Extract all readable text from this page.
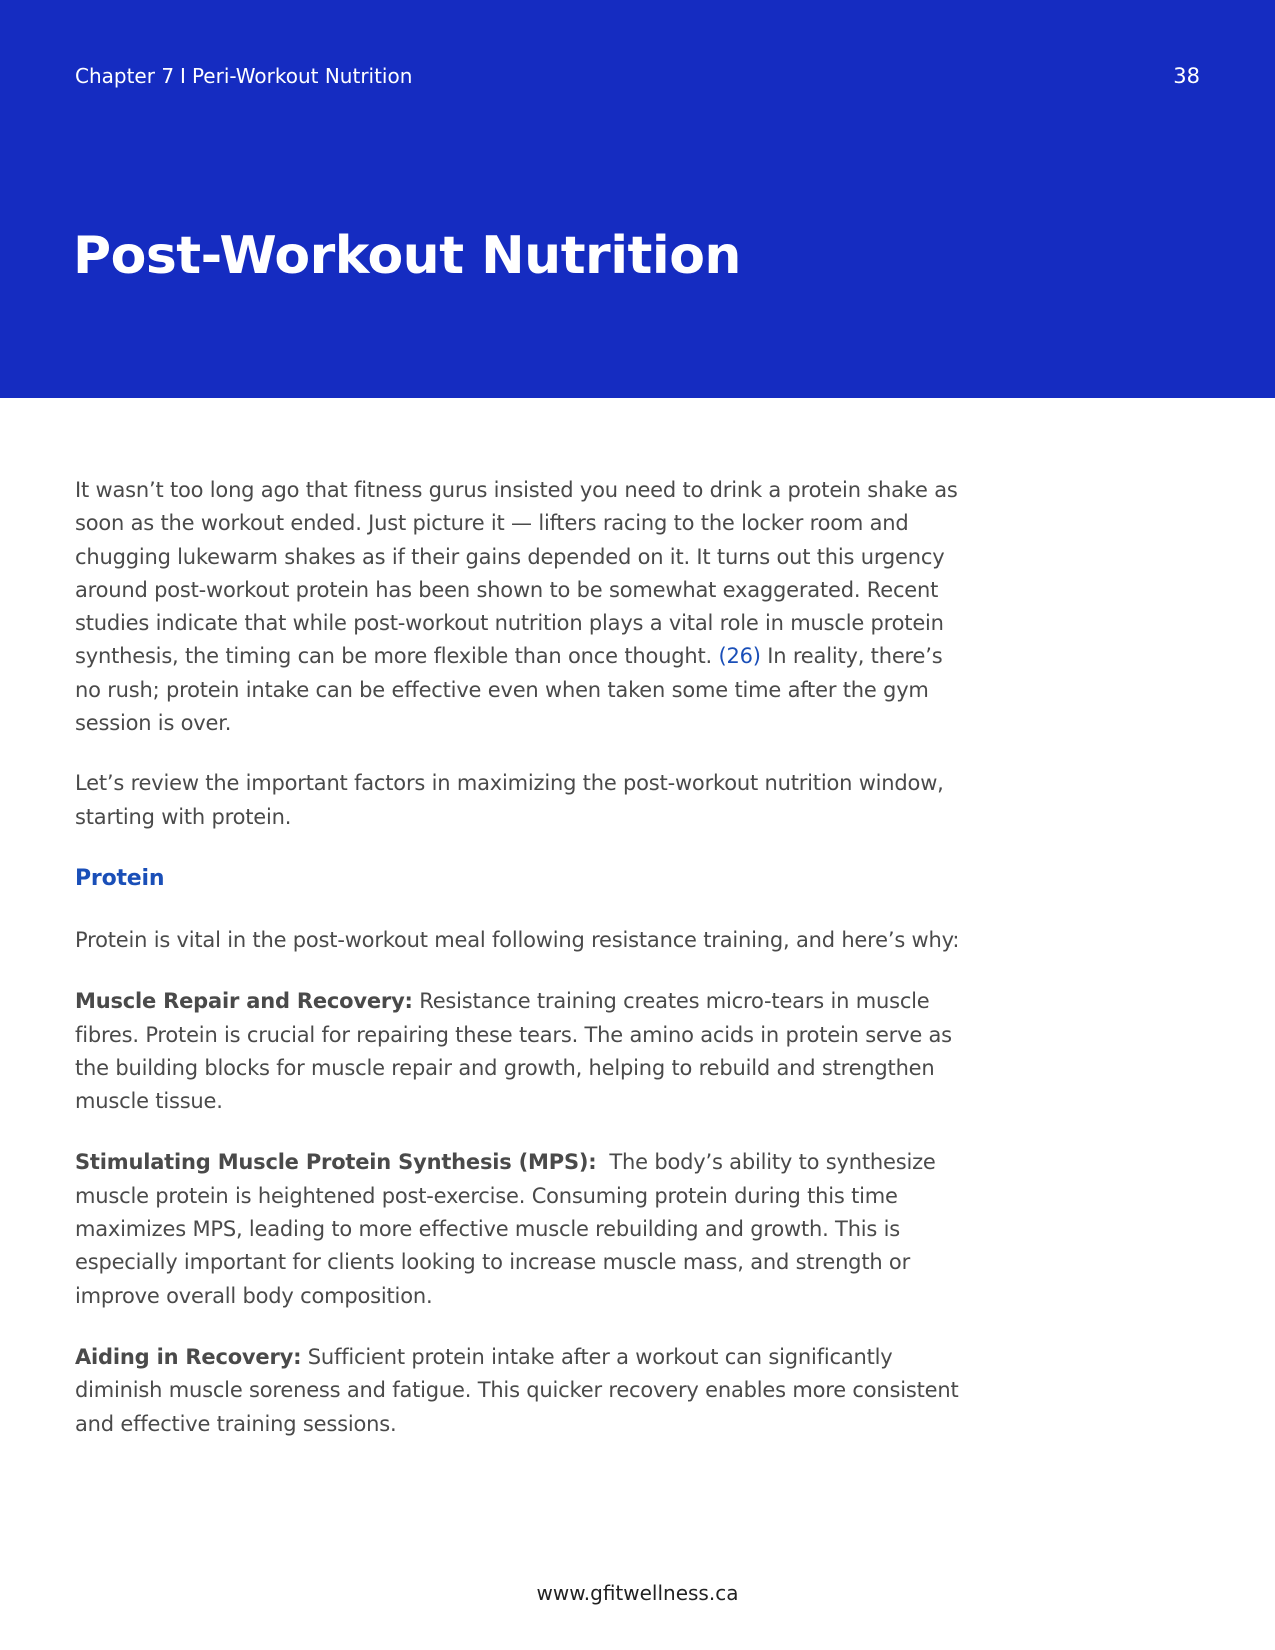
Chapter 7 I Peri-Workout Nutrition	38
Post-Workout Nutrition

It wasn’t too long ago that fitness gurus insisted you need to drink a protein shake as soon as the workout ended. Just picture it — lifters racing to the locker room and chugging lukewarm shakes as if their gains depended on it. It turns out this urgency around post-workout protein has been shown to be somewhat exaggerated. Recent studies indicate that while post-workout nutrition plays a vital role in muscle protein synthesis, the timing can be more flexible than once thought. (26) In reality, there’s no rush; protein intake can be effective even when taken some time after the gym session is over.

Let’s review the important factors in maximizing the post-workout nutrition window, starting with protein.

Protein

Protein is vital in the post-workout meal following resistance training, and here’s why:

Muscle Repair and Recovery: Resistance training creates micro-tears in muscle fibres. Protein is crucial for repairing these tears. The amino acids in protein serve as the building blocks for muscle repair and growth, helping to rebuild and strengthen muscle tissue.

Stimulating Muscle Protein Synthesis (MPS): The body’s ability to synthesize muscle protein is heightened post-exercise. Consuming protein during this time maximizes MPS, leading to more effective muscle rebuilding and growth. This is especially important for clients looking to increase muscle mass, and strength or improve overall body composition.

Aiding in Recovery: Sufficient protein intake after a workout can significantly diminish muscle soreness and fatigue. This quicker recovery enables more consistent and effective training sessions.

www.gfitwellness.ca
